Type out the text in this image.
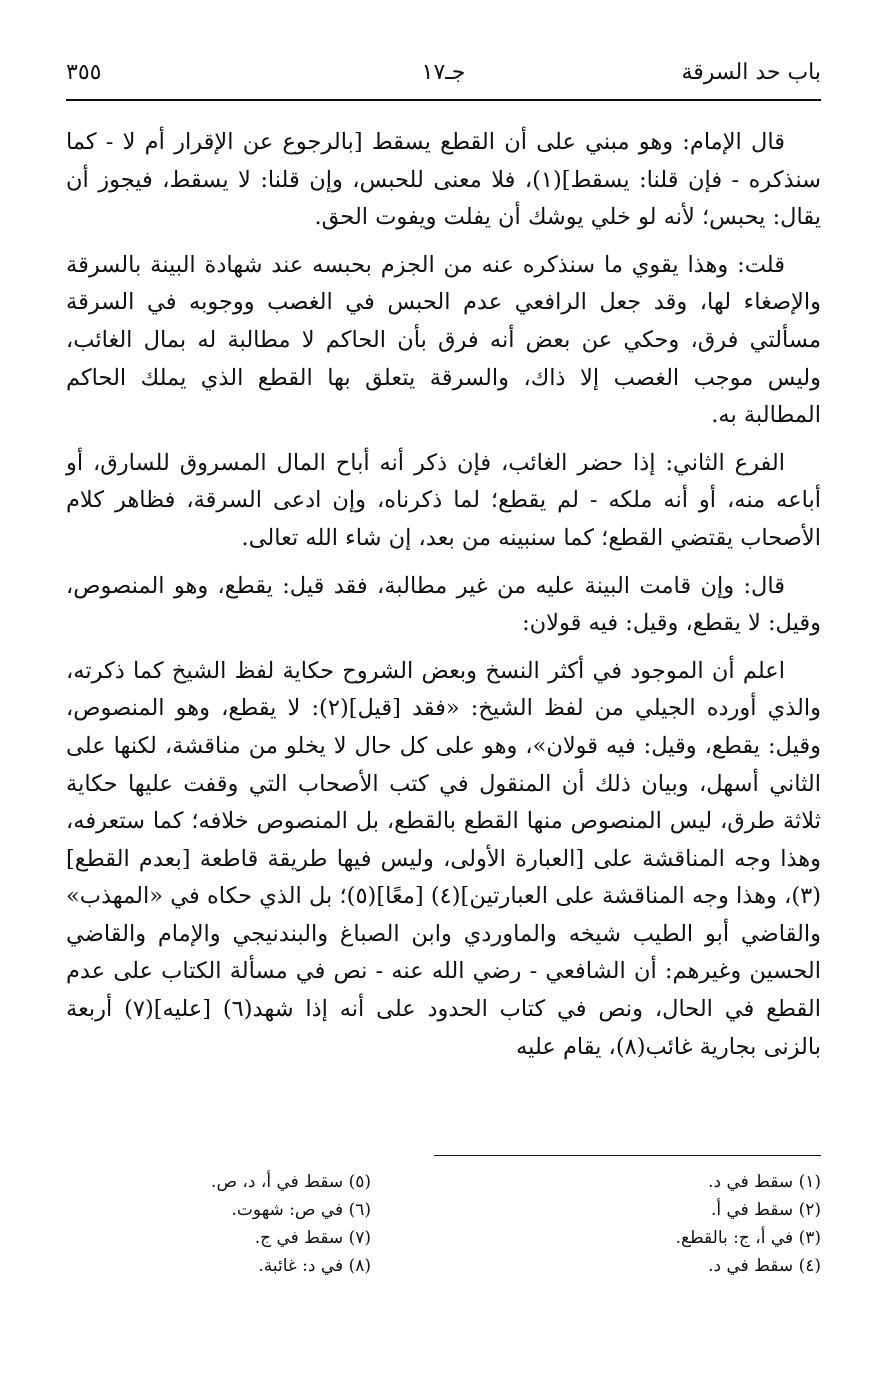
باب حد السرقة
جـ١٧
٣٥٥

قال الإمام: وهو مبني على أن القطع يسقط [بالرجوع عن الإقرار أم لا - كما سنذكره - فإن قلنا: يسقط](١)، فلا معنى للحبس، وإن قلنا: لا يسقط، فيجوز أن يقال: يحبس؛ لأنه لو خلي يوشك أن يفلت ويفوت الحق.

قلت: وهذا يقوي ما سنذكره عنه من الجزم بحبسه عند شهادة البينة بالسرقة والإصغاء لها، وقد جعل الرافعي عدم الحبس في الغصب ووجوبه في السرقة مسألتي فرق، وحكي عن بعض أنه فرق بأن الحاكم لا مطالبة له بمال الغائب، وليس موجب الغصب إلا ذاك، والسرقة يتعلق بها القطع الذي يملك الحاكم المطالبة به.

الفرع الثاني: إذا حضر الغائب، فإن ذكر أنه أباح المال المسروق للسارق، أو أباعه منه، أو أنه ملكه - لم يقطع؛ لما ذكرناه، وإن ادعى السرقة، فظاهر كلام الأصحاب يقتضي القطع؛ كما سنبينه من بعد، إن شاء الله تعالى.

قال: وإن قامت البينة عليه من غير مطالبة، فقد قيل: يقطع، وهو المنصوص، وقيل: لا يقطع، وقيل: فيه قولان:

اعلم أن الموجود في أكثر النسخ وبعض الشروح حكاية لفظ الشيخ كما ذكرته، والذي أورده الجيلي من لفظ الشيخ: «فقد [قيل](٢): لا يقطع، وهو المنصوص، وقيل: يقطع، وقيل: فيه قولان»، وهو على كل حال لا يخلو من مناقشة، لكنها على الثاني أسهل، وبيان ذلك أن المنقول في كتب الأصحاب التي وقفت عليها حكاية ثلاثة طرق، ليس المنصوص منها القطع بالقطع، بل المنصوص خلافه؛ كما ستعرفه، وهذا وجه المناقشة على [العبارة الأولى، وليس فيها طريقة قاطعة [بعدم القطع](٣)، وهذا وجه المناقشة على العبارتين](٤) [معًا](٥)؛ بل الذي حكاه في «المهذب» والقاضي أبو الطيب شيخه والماوردي وابن الصباغ والبندنيجي والإمام والقاضي الحسين وغيرهم: أن الشافعي - رضي الله عنه - نص في مسألة الكتاب على عدم القطع في الحال، ونص في كتاب الحدود على أنه إذا شهد(٦) [عليه](٧) أربعة بالزنى بجارية غائب(٨)، يقام عليه

(١) سقط في د.
(٢) سقط في أ.
(٣) في أ، ج: بالقطع.
(٤) سقط في د.
(٥) سقط في أ، د، ص.
(٦) في ص: شهوت.
(٧) سقط في ج.
(٨) في د: غائبة.
